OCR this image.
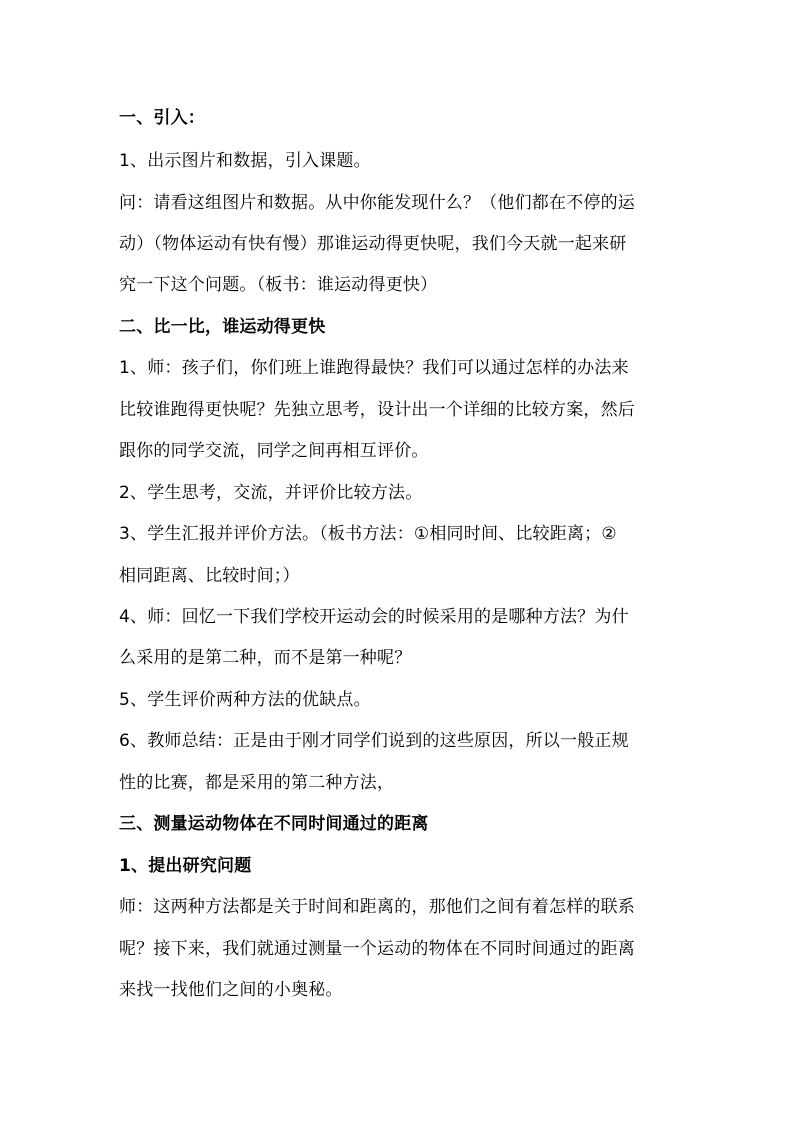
一、引入：
1、出示图片和数据，引入课题。
问：请看这组图片和数据。从中你能发现什么？（他们都在不停的运
动）（物体运动有快有慢）那谁运动得更快呢，我们今天就一起来研
究一下这个问题。（板书：谁运动得更快）
二、比一比，谁运动得更快
1、师：孩子们，你们班上谁跑得最快？我们可以通过怎样的办法来
比较谁跑得更快呢？先独立思考，设计出一个详细的比较方案，然后
跟你的同学交流，同学之间再相互评价。
2、学生思考，交流，并评价比较方法。
3、学生汇报并评价方法。（板书方法：①相同时间、比较距离；②
相同距离、比较时间；）
4、师：回忆一下我们学校开运动会的时候采用的是哪种方法？为什
么采用的是第二种，而不是第一种呢？
5、学生评价两种方法的优缺点。
6、教师总结：正是由于刚才同学们说到的这些原因，所以一般正规
性的比赛，都是采用的第二种方法，
三、测量运动物体在不同时间通过的距离
1、提出研究问题
师：这两种方法都是关于时间和距离的，那他们之间有着怎样的联系
呢？接下来，我们就通过测量一个运动的物体在不同时间通过的距离
来找一找他们之间的小奥秘。
